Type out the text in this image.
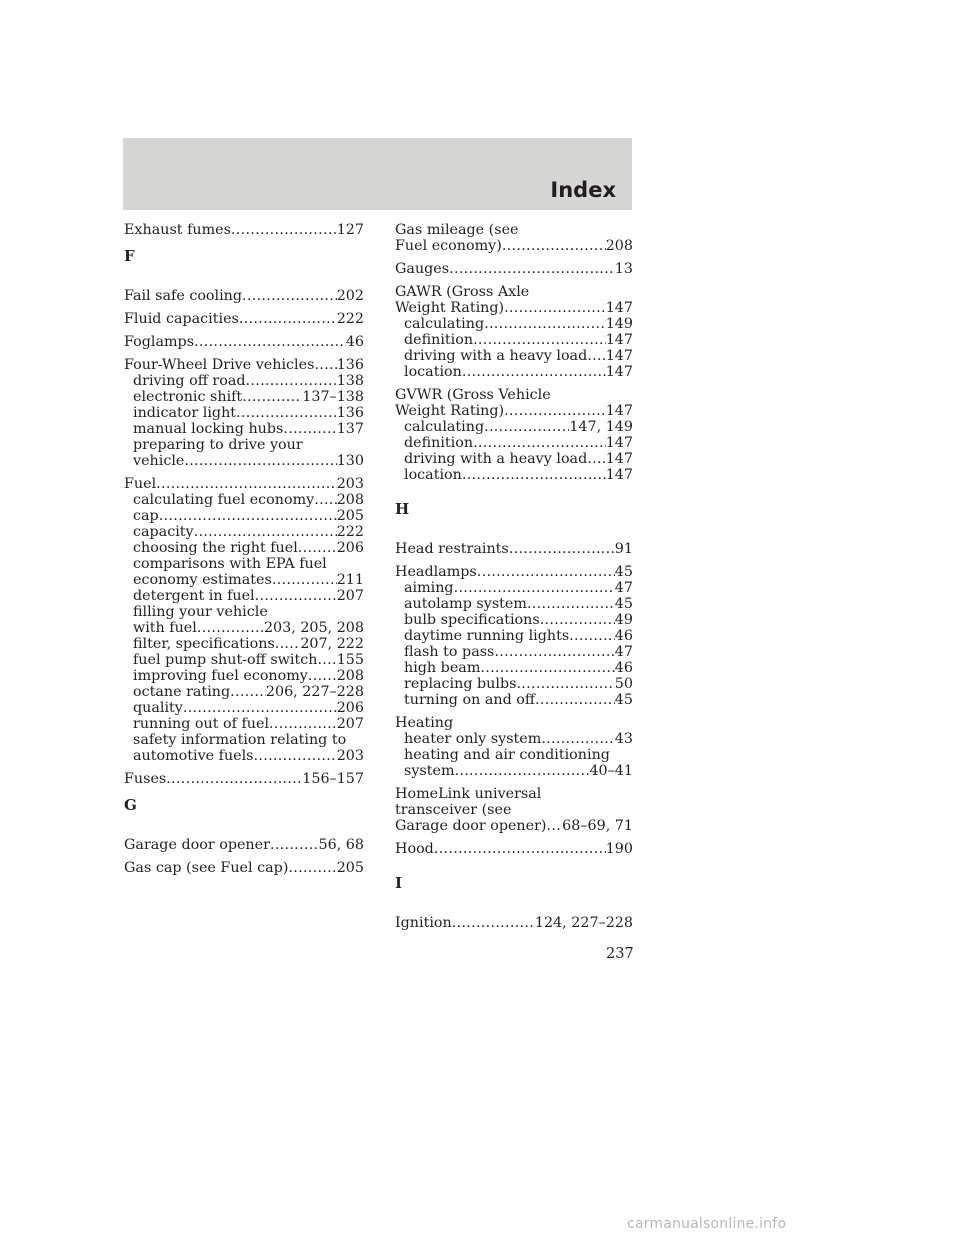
Index
Exhaust fumes .....	127
F
Fail safe cooling .....	202
Fluid capacities .....	222
Foglamps .....	46
Four-Wheel Drive vehicles ..... 136
driving off road .....	138
electronic shift .....	137–138
indicator light .....	136
manual locking hubs .....	137
preparing to drive your
vehicle .....	130
Fuel .....	203
calculating fuel economy ..... 208
cap .....	205
capacity .....	222
choosing the right fuel .....	206
comparisons with EPA fuel
economy estimates .....	211
detergent in fuel .....	207
filling your vehicle
with fuel .....	203, 205, 208
filter, specifications ..... 207, 222
fuel pump shut-off switch ..... 155
improving fuel economy ..... 208
octane rating .....	206, 227–228
quality .....	206
running out of fuel .....	207
safety information relating to
automotive fuels .....	203
Fuses .....	156–157
G
Garage door opener .....	56, 68
Gas cap (see Fuel cap) .....	205
Gas mileage (see
Fuel economy) .....	208
Gauges .....	13
GAWR (Gross Axle
Weight Rating) .....	147
calculating .....	149
definition .....	147
driving with a heavy load ..... 147
location .....	147
GVWR (Gross Vehicle
Weight Rating) .....	147
calculating .....	147, 149
definition .....	147
driving with a heavy load ..... 147
location .....	147
H
Head restraints .....	91
Headlamps .....	45
aiming .....	47
autolamp system .....	45
bulb specifications .....	49
daytime running lights .....	46
flash to pass .....	47
high beam .....	46
replacing bulbs .....	50
turning on and off .....	45
Heating
heater only system .....	43
heating and air conditioning
system .....	40–41
HomeLink universal
transceiver (see
Garage door opener) ..... 68–69, 71
Hood .....	190
I
Ignition .....	124, 227–228
237
carmanualsonline.info
